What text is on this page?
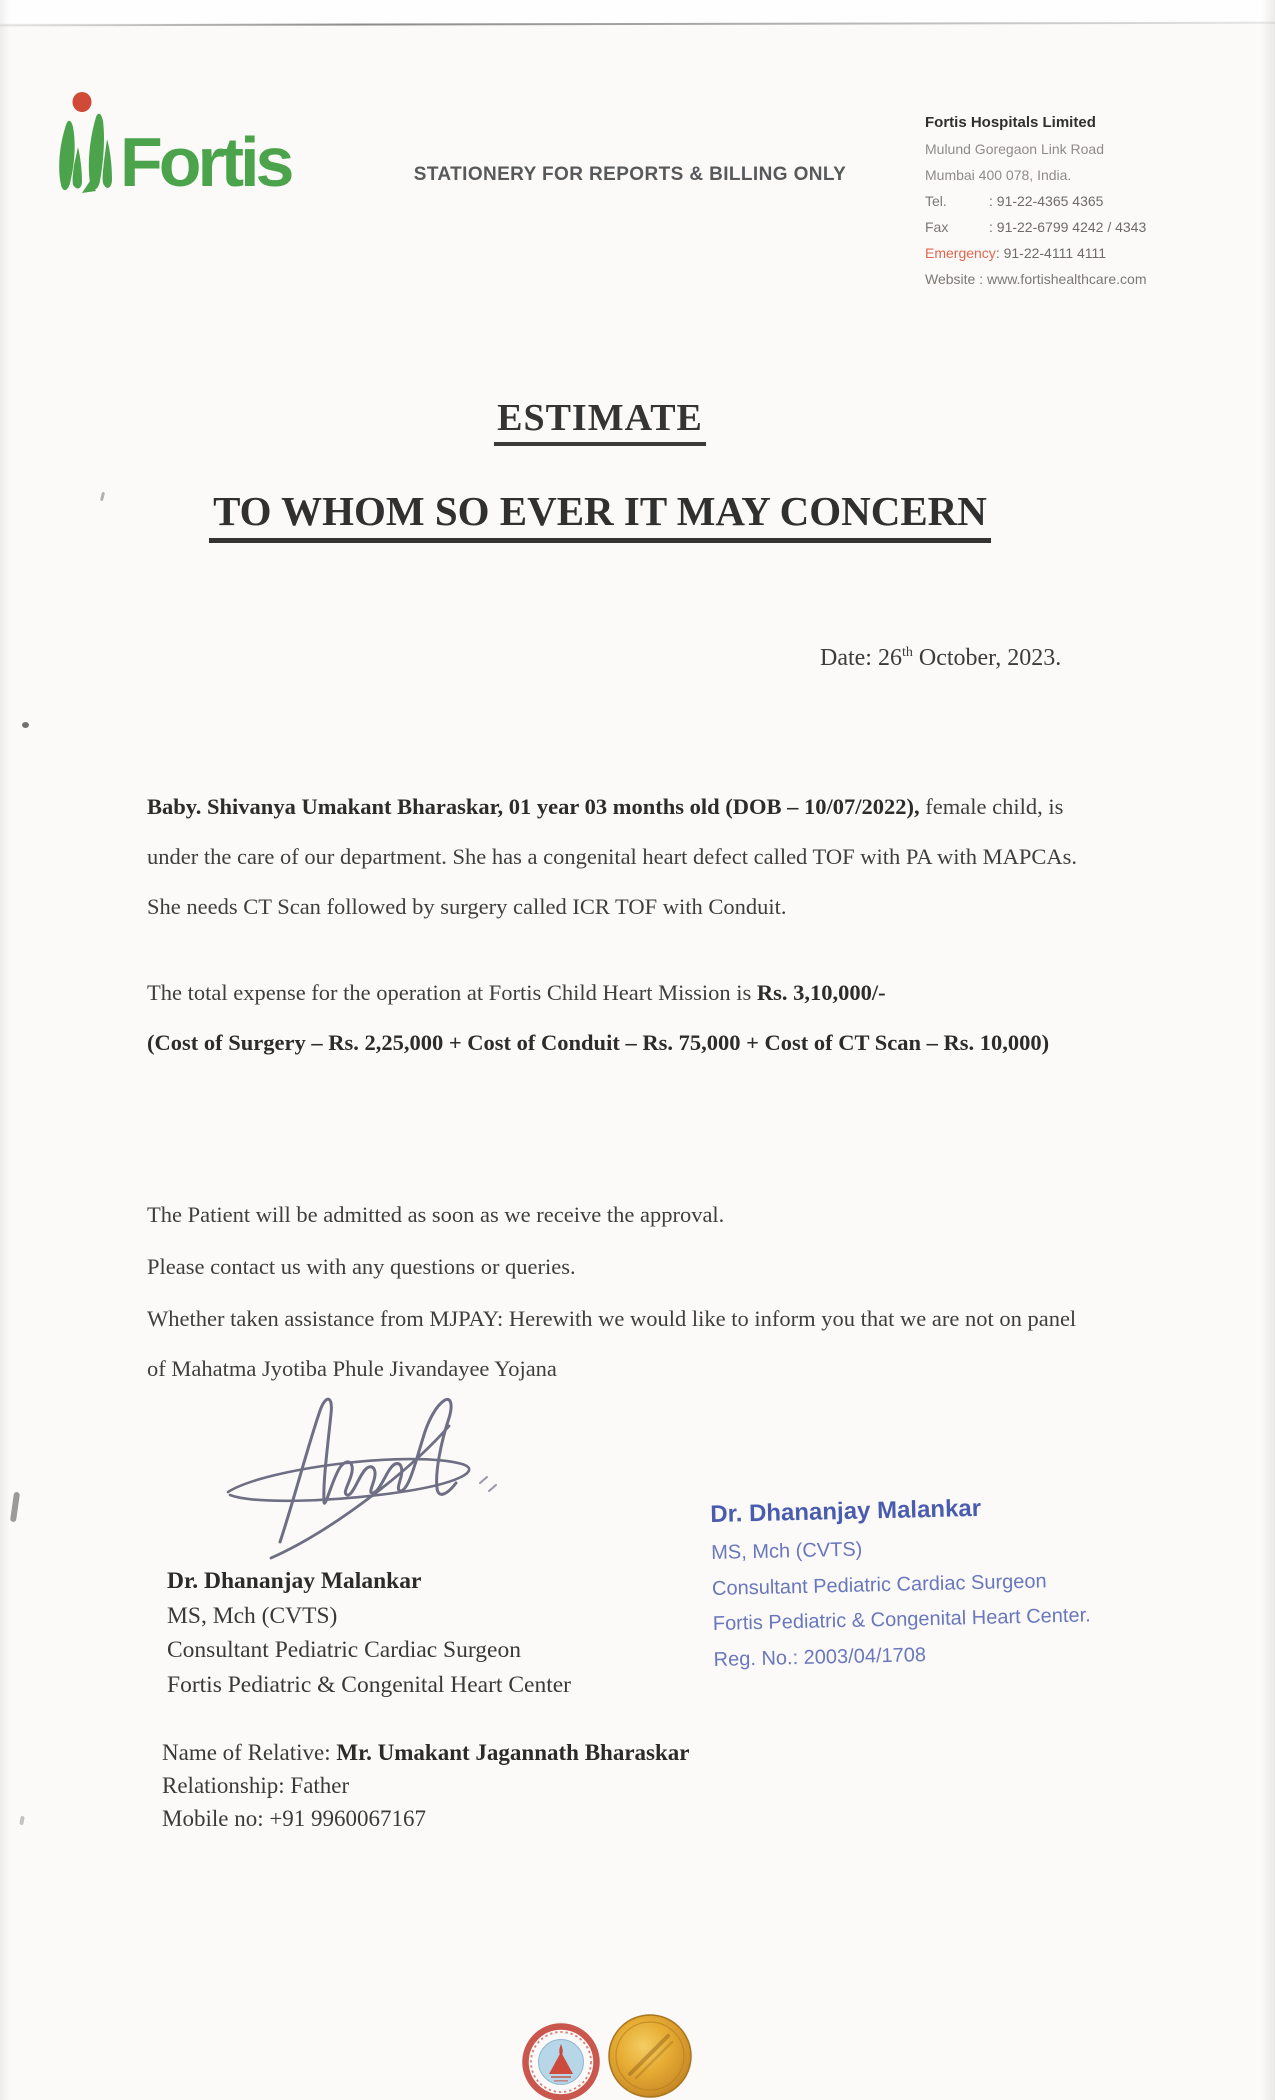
Fortis	STATIONERY FOR REPORTS & BILLING ONLY
Fortis Hospitals Limited
Mulund Goregaon Link Road
Mumbai 400 078, India.
Tel.	: 91-22-4365 4365
Fax	: 91-22-6799 4242 / 4343
Emergency: 91-22-4111 4111
Website : www.fortishealthcare.com
ESTIMATE
TO WHOM SO EVER IT MAY CONCERN
Date: 26th October, 2023.
Baby. Shivanya Umakant Bharaskar, 01 year 03 months old (DOB – 10/07/2022), female child, is under the care of our department. She has a congenital heart defect called TOF with PA with MAPCAs. She needs CT Scan followed by surgery called ICR TOF with Conduit.
The total expense for the operation at Fortis Child Heart Mission is Rs. 3,10,000/-
(Cost of Surgery – Rs. 2,25,000 + Cost of Conduit – Rs. 75,000 + Cost of CT Scan – Rs. 10,000)
The Patient will be admitted as soon as we receive the approval.
Please contact us with any questions or queries.
Whether taken assistance from MJPAY: Herewith we would like to inform you that we are not on panel of Mahatma Jyotiba Phule Jivandayee Yojana
Dr. Dhananjay Malankar
MS, Mch (CVTS)
Consultant Pediatric Cardiac Surgeon
Fortis Pediatric & Congenital Heart Center.
Reg. No.: 2003/04/1708
Dr. Dhananjay Malankar
MS, Mch (CVTS)
Consultant Pediatric Cardiac Surgeon
Fortis Pediatric & Congenital Heart Center
Name of Relative: Mr. Umakant Jagannath Bharaskar
Relationship: Father
Mobile no: +91 9960067167
